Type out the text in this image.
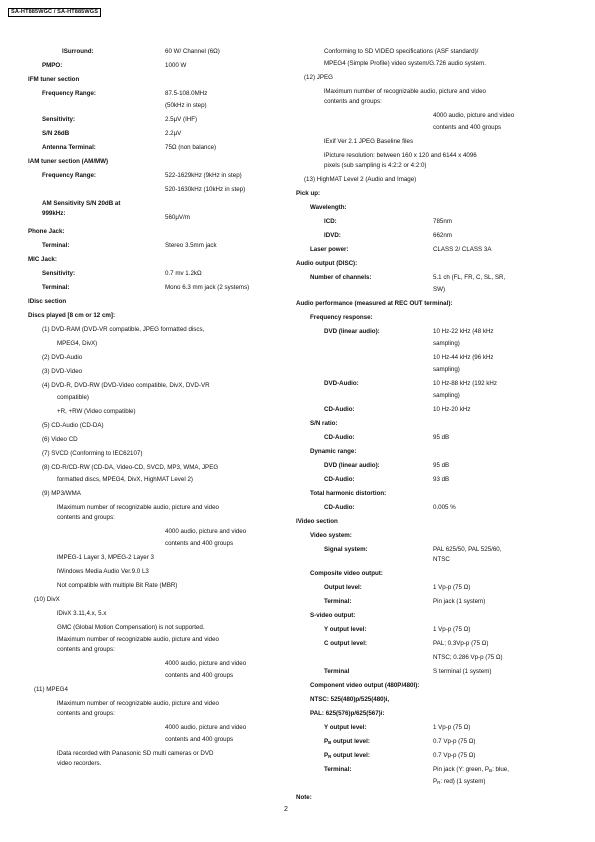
SA-HT885WGC / SA-HT885WGS
lSurround:	60 W/ Channel (6Ω)
PMPO:	1000 W
lFM tuner section
Frequency Range:	87.5-108.0MHz
(50kHz in step)
Sensitivity:	2.5μV (IHF)
S/N 26dB	2.2μV
Antenna Terminal:	75Ω (non balance)
lAM tuner section (AM/MW)
Frequency Range:	522-1629kHz (9kHz in step)
520-1630kHz (10kHz in step)
AM Sensitivity S/N 20dB at
999kHz:
560μV/m
Phone Jack:
Terminal:	Stereo 3.5mm jack
MIC Jack:
Sensitivity:	0.7 mv 1.2kΩ
Terminal:	Mono 6.3 mm jack (2 systems)
lDisc section
Discs played [8 cm or 12 cm]:
(1) DVD-RAM (DVD-VR compatible, JPEG formatted discs,
MPEG4, DivX)
(2) DVD-Audio
(3) DVD-Video
(4) DVD-R, DVD-RW (DVD-Video compatible, DivX, DVD-VR
compatible)
+R, +RW (Video compatible)
(5) CD-Audio (CD-DA)
(6) Video CD
(7) SVCD (Conforming to IEC62107)
(8) CD-R/CD-RW (CD-DA, Video-CD, SVCD, MP3, WMA, JPEG
formatted discs, MPEG4, DivX, HighMAT Level 2)
(9) MP3/WMA
lMaximum number of recognizable audio, picture and video
contents and groups:
4000 audio, picture and video
contents and 400 groups
lMPEG-1 Layer 3, MPEG-2 Layer 3
lWindows Media Audio Ver.9.0 L3
Not compatible with multiple Bit Rate (MBR)
(10) DivX
lDivX 3.11,4.x, 5.x
GMC (Global Motion Compensation) is not supported.
lMaximum number of recognizable audio, picture and video
contents and groups:
4000 audio, picture and video
contents and 400 groups
(11) MPEG4
lMaximum number of recognizable audio, picture and video
contents and groups:
4000 audio, picture and video
contents and 400 groups
lData recorded with Panasonic SD multi cameras or DVD
video recorders.
Conforming to SD VIDEO specifications (ASF standard)/
MPEG4 (Simple Profile) video system/G.726 audio system.
(12) JPEG
lMaximum number of recognizable audio, picture and video
contents and groups:
4000 audio, picture and video
contents and 400 groups
lExif Ver 2.1 JPEG Baseline files
lPicture resolution: between 160 x 120 and 6144 x 4096
pixels (sub sampling is 4:2:2 or 4:2:0)
(13) HighMAT Level 2 (Audio and Image)
Pick up:
Wavelength:
lCD:	785nm
lDVD:	662nm
Laser power:	CLASS 2/ CLASS 3A
Audio output (DISC):
Number of channels:	5.1 ch (FL, FR, C, SL, SR,
SW)
Audio performance (measured at REC OUT terminal):
Frequency response:
DVD (linear audio):	10 Hz-22 kHz (48 kHz
sampling)
10 Hz-44 kHz (96 kHz
sampling)
DVD-Audio:	10 Hz-88 kHz (192 kHz
sampling)
CD-Audio:	10 Hz-20 kHz
S/N ratio:
CD-Audio:	95 dB
Dynamic range:
DVD (linear audio):	95 dB
CD-Audio:	93 dB
Total harmonic distortion:
CD-Audio:	0.005 %
lVideo section
Video system:
Signal system:	PAL 625/50, PAL 525/60,
NTSC
Composite video output:
Output level:	1 Vp-p (75 Ω)
Terminal:	Pin jack (1 system)
S-video output:
Y output level:	1 Vp-p (75 Ω)
C output level:	PAL; 0.3Vp-p (75 Ω)
NTSC; 0.286 Vp-p (75 Ω)
Terminal	S terminal (1 system)
Component video output (480P/480I):
NTSC: 525(480)p/525(480)i,
PAL: 625(576)p/625(567)i:
Y output level:	1 Vp-p (75 Ω)
$P_B$ output level:	0.7 Vp-p (75 Ω)
$P_R$ output level:	0.7 Vp-p (75 Ω)
Terminal:	Pin jack (Y: green, $P_B$: blue,
$P_R$: red) (1 system)
Note:
2
